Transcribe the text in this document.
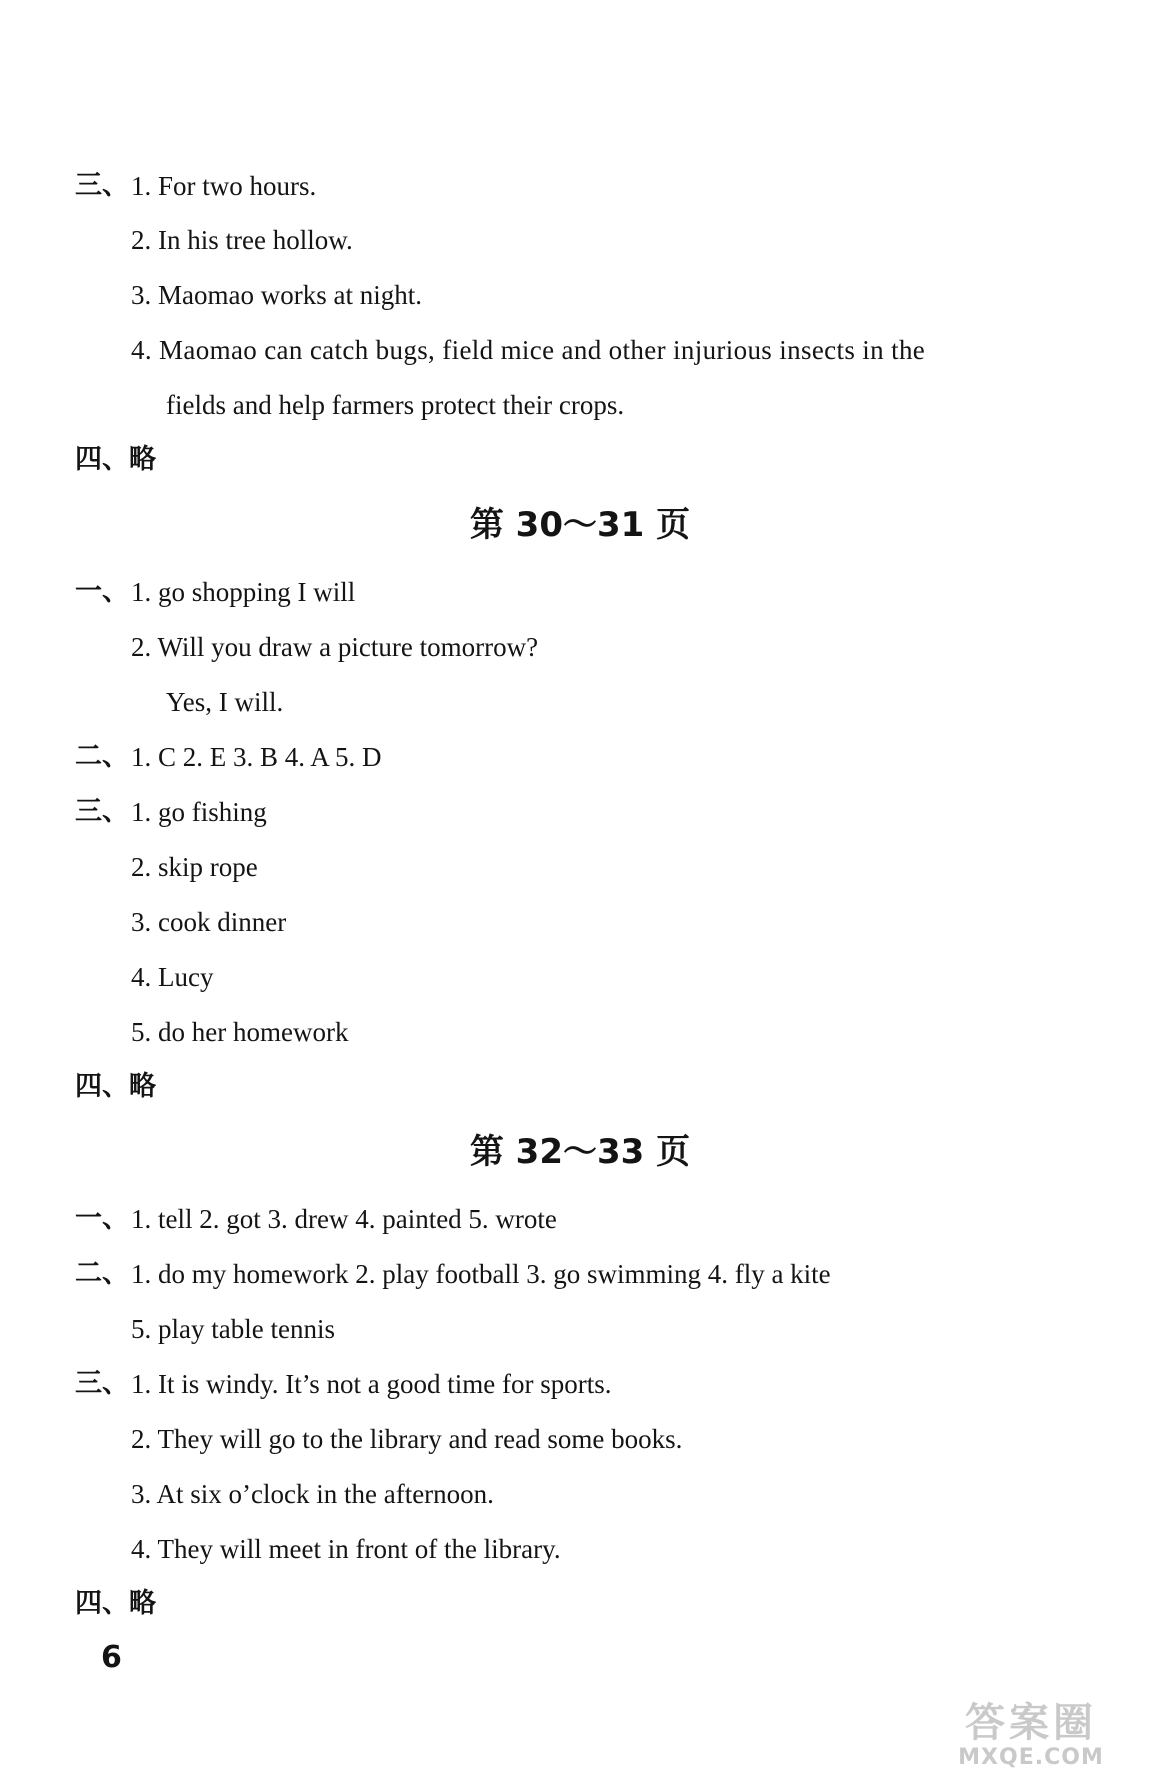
三、 1. For two hours.
2. In his tree hollow.
3. Maomao works at night.
4. Maomao can catch bugs, field mice and other injurious insects in the
fields and help farmers protect their crops.
四、略
第 30～31 页
一、 1. go shopping I will
2. Will you draw a picture tomorrow?
Yes, I will.
二、 1. C 2. E 3. B 4. A 5. D
三、 1. go fishing
2. skip rope
3. cook dinner
4. Lucy
5. do her homework
四、略
第 32～33 页
一、 1. tell 2. got 3. drew 4. painted 5. wrote
二、 1. do my homework 2. play football 3. go swimming 4. fly a kite
5. play table tennis
三、 1. It is windy. It’s not a good time for sports.
2. They will go to the library and read some books.
3. At six o’clock in the afternoon.
4. They will meet in front of the library.
四、略
6
答案圈
MXQE.COM
